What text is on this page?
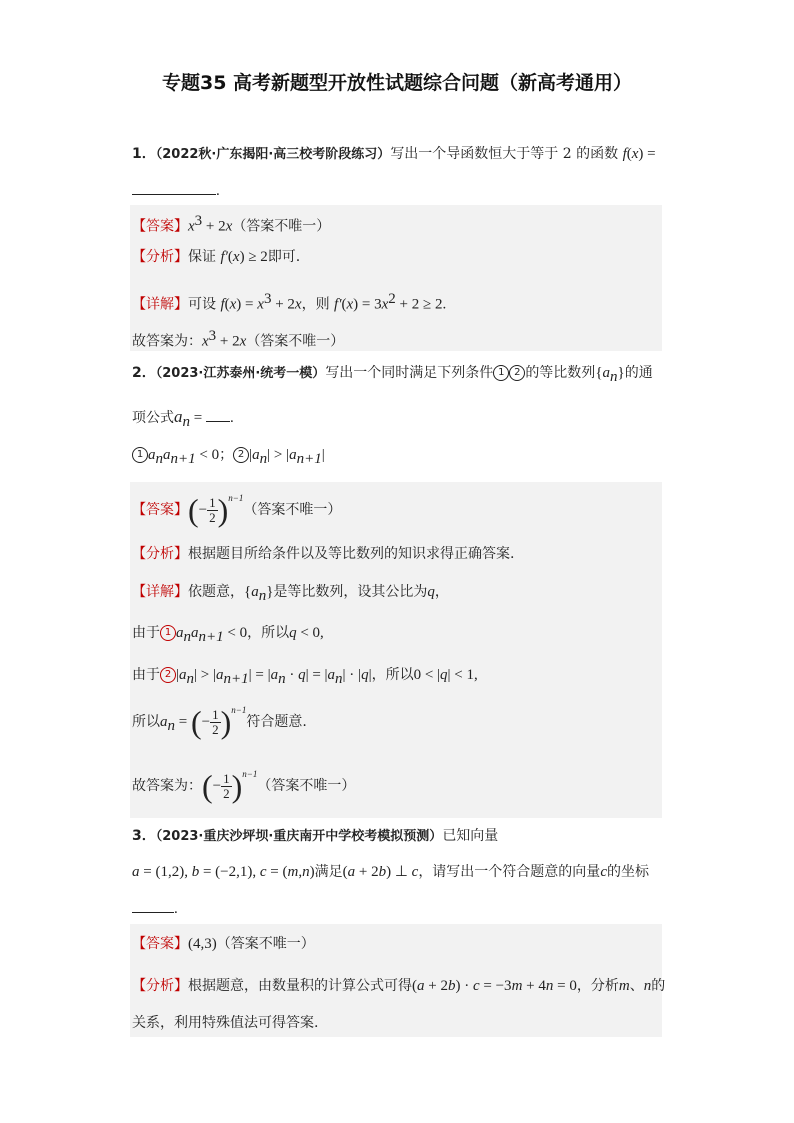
专题35 高考新题型开放性试题综合问题（新高考通用）
1．（2022秋·广东揭阳·高三校考阶段练习）写出一个导函数恒大于等于 2 的函数 f(x) =
.
【答案】$x^3 + 2x$（答案不唯一）
【分析】保证 f′(x) ≥ 2即可.
【详解】可设 $f(x) = x^3 + 2x$，则 $f'(x) = 3x^2 + 2 \ge 2$.
故答案为：$x^3 + 2x$（答案不唯一）
2．（2023·江苏泰州·统考一模）写出一个同时满足下列条件 1 2 的等比数列$\{a_n\}$的通
项公式$a_n$ = .
1 $a_na_{n+1} < 0$； 2 $|a_n| > |a_{n+1}|$
【答案】(− $\frac{1}{2} )^{n-1}$（答案不唯一）
【分析】根据题目所给条件以及等比数列的知识求得正确答案.
【详解】依题意，$\{a_n\}$是等比数列，设其公比为q，
由于 1 $a_na_{n+1} < 0$，所以q < 0,
由于 2 $|a_n| > |a_{n+1}| = |a_n \cdot q| = |a_n| \cdot |q|$，所以0 < |q| < 1,
所以$a_n$ = (− $\frac{1}{2} )^{n-1}$符合题意.
故答案为：(− $\frac{1}{2} )^{n-1}$（答案不唯一）
3．（2023·重庆沙坪坝·重庆南开中学校考模拟预测）已知向量
a = (1,2), b = (−2,1), c = (m,n)满足(a + 2b) ⊥ c，请写出一个符合题意的向量c的坐标
.
【答案】(4,3)（答案不唯一）
【分析】根据题意，由数量积的计算公式可得(a + 2b) · c = −3m + 4n = 0，分析m、n的
关系，利用特殊值法可得答案.
